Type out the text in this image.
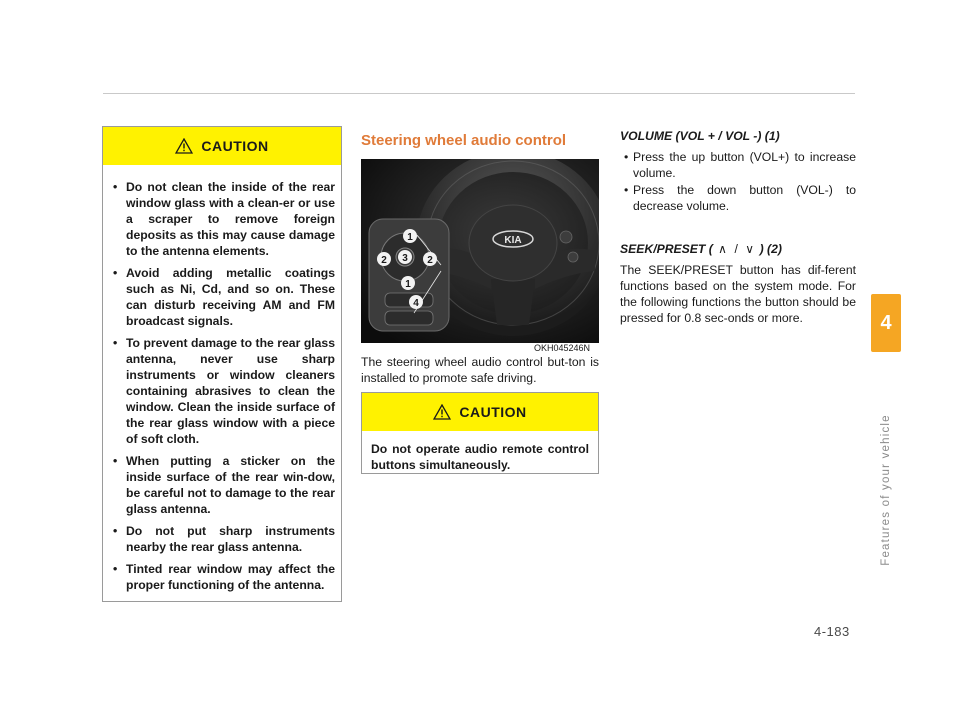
CAUTION
• Do not clean the inside of the rear window glass with a clean-er or use a scraper to remove foreign deposits as this may cause damage to the antenna elements.
• Avoid adding metallic coatings such as Ni, Cd, and so on. These can disturb receiving AM and FM broadcast signals.
• To prevent damage to the rear glass antenna, never use sharp instruments or window cleaners containing abrasives to clean the window. Clean the inside surface of the rear glass window with a piece of soft cloth.
• When putting a sticker on the inside surface of the rear win-dow, be careful not to damage to the rear glass antenna.
• Do not put sharp instruments nearby the rear glass antenna.
• Tinted rear window may affect the proper functioning of the antenna.
Steering wheel audio control
KIA
1
2 3 2
1
4
OKH045246N
The steering wheel audio control but-ton is installed to promote safe driving.
CAUTION
Do not operate audio remote control buttons simultaneously.
VOLUME (VOL + / VOL -) (1)
• Press the up button (VOL+) to increase volume.
• Press the down button (VOL-) to decrease volume.
SEEK/PRESET ( ∧ / ∨ ) (2)
The SEEK/PRESET button has dif-ferent functions based on the system mode. For the following functions the button should be pressed for 0.8 sec-onds or more.	4
Features of your vehicle
4-183
